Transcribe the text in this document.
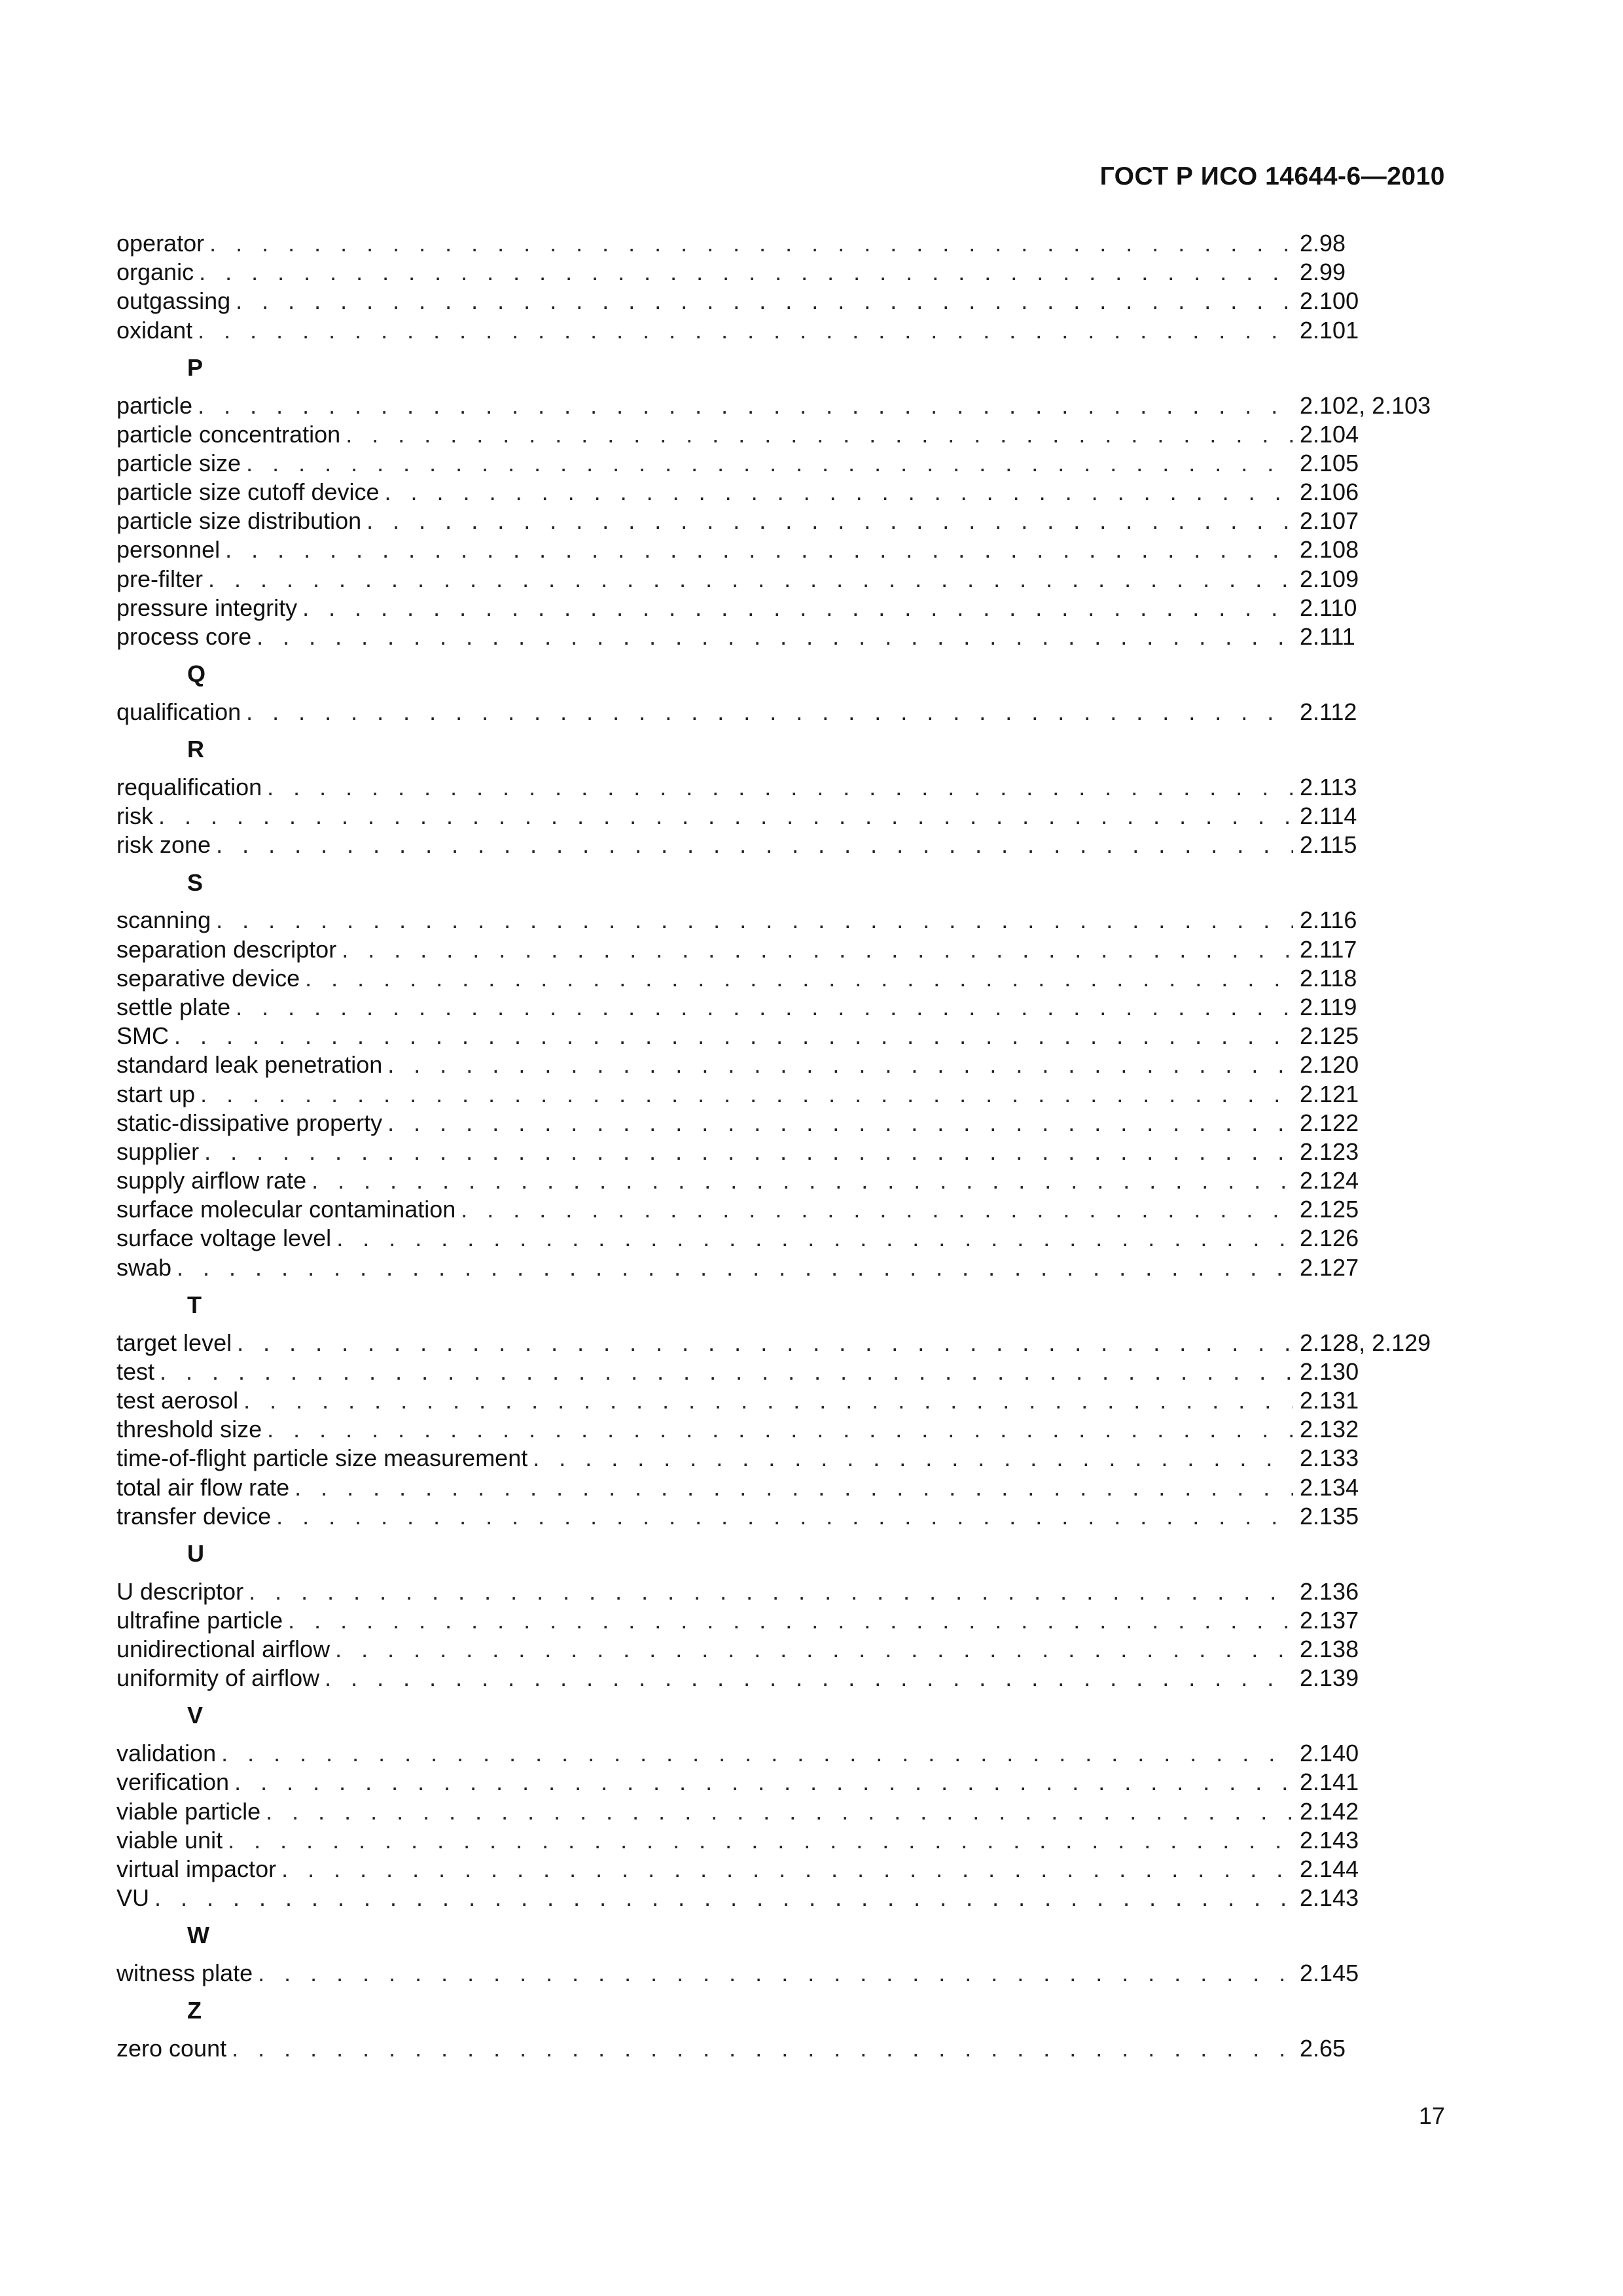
ГОСТ Р ИСО 14644-6—2010
operator . . .	2.98
organic . . .	2.99
outgassing . . .	2.100
oxidant . . .	2.101
P
particle . . .	2.102, 2.103
particle concentration . . .	2.104
particle size . . .	2.105
particle size cutoff device . . .	2.106
particle size distribution . . .	2.107
personnel . . .	2.108
pre-filter . . .	2.109
pressure integrity . . .	2.110
process core . . .	2.111
Q
qualification . . .	2.112
R
requalification . . .	2.113
risk . . .	2.114
risk zone . . .	2.115
S
scanning . . .	2.116
separation descriptor . . .	2.117
separative device . . .	2.118
settle plate . . .	2.119
SMC . . .	2.125
standard leak penetration . . .	2.120
start up . . .	2.121
static-dissipative property . . .	2.122
supplier . . .	2.123
supply airflow rate . . .	2.124
surface molecular contamination . . .	2.125
surface voltage level . . .	2.126
swab . . .	2.127
T
target level . . .	2.128, 2.129
test . . .	2.130
test aerosol . . .	2.131
threshold size . . .	2.132
time-of-flight particle size measurement . . .	2.133
total air flow rate . . .	2.134
transfer device . . .	2.135
U
U descriptor . . .	2.136
ultrafine particle . . .	2.137
unidirectional airflow . . .	2.138
uniformity of airflow . . .	2.139
V
validation . . .	2.140
verification . . .	2.141
viable particle . . .	2.142
viable unit . . .	2.143
virtual impactor . . .	2.144
VU . . .	2.143
W
witness plate . . .	2.145
Z
zero count . . .	2.65
17
